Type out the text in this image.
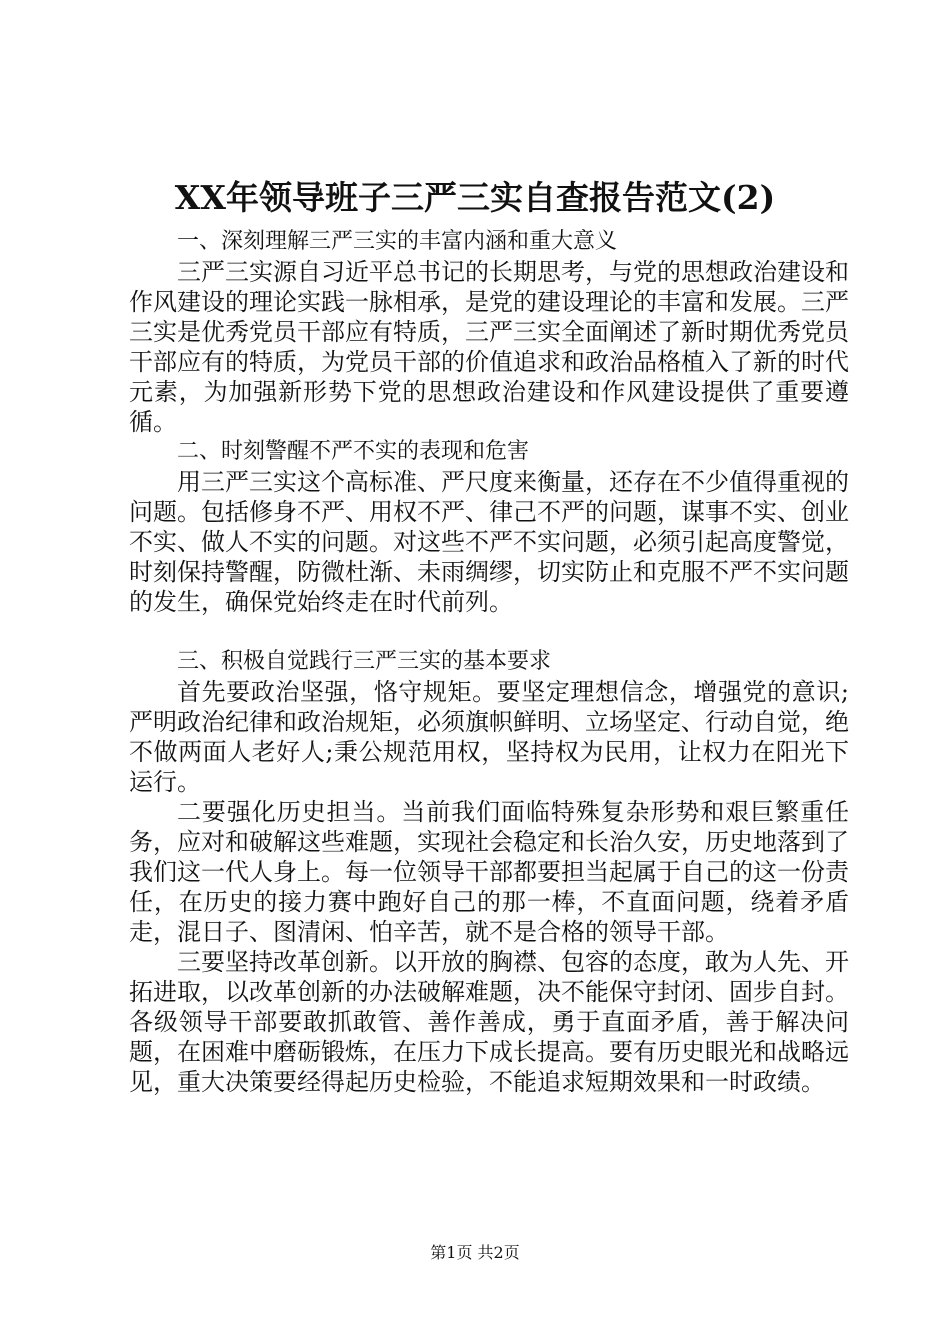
XX年领导班子三严三实自查报告范文(2)

一、深刻理解三严三实的丰富内涵和重大意义

三严三实源自习近平总书记的长期思考，与党的思想政治建设和作风建设的理论实践一脉相承，是党的建设理论的丰富和发展。三严三实是优秀党员干部应有特质，三严三实全面阐述了新时期优秀党员干部应有的特质，为党员干部的价值追求和政治品格植入了新的时代元素，为加强新形势下党的思想政治建设和作风建设提供了重要遵循。

二、时刻警醒不严不实的表现和危害

用三严三实这个高标准、严尺度来衡量，还存在不少值得重视的问题。包括修身不严、用权不严、律己不严的问题，谋事不实、创业不实、做人不实的问题。对这些不严不实问题，必须引起高度警觉，时刻保持警醒，防微杜渐、未雨绸缪，切实防止和克服不严不实问题的发生，确保党始终走在时代前列。

三、积极自觉践行三严三实的基本要求

首先要政治坚强，恪守规矩。要坚定理想信念，增强党的意识;严明政治纪律和政治规矩，必须旗帜鲜明、立场坚定、行动自觉，绝不做两面人老好人;秉公规范用权，坚持权为民用，让权力在阳光下运行。

二要强化历史担当。当前我们面临特殊复杂形势和艰巨繁重任务，应对和破解这些难题，实现社会稳定和长治久安，历史地落到了我们这一代人身上。每一位领导干部都要担当起属于自己的这一份责任，在历史的接力赛中跑好自己的那一棒，不直面问题，绕着矛盾走，混日子、图清闲、怕辛苦，就不是合格的领导干部。

三要坚持改革创新。以开放的胸襟、包容的态度，敢为人先、开拓进取，以改革创新的办法破解难题，决不能保守封闭、固步自封。各级领导干部要敢抓敢管、善作善成，勇于直面矛盾，善于解决问题，在困难中磨砺锻炼，在压力下成长提高。要有历史眼光和战略远见，重大决策要经得起历史检验，不能追求短期效果和一时政绩。

第1页 共2页
